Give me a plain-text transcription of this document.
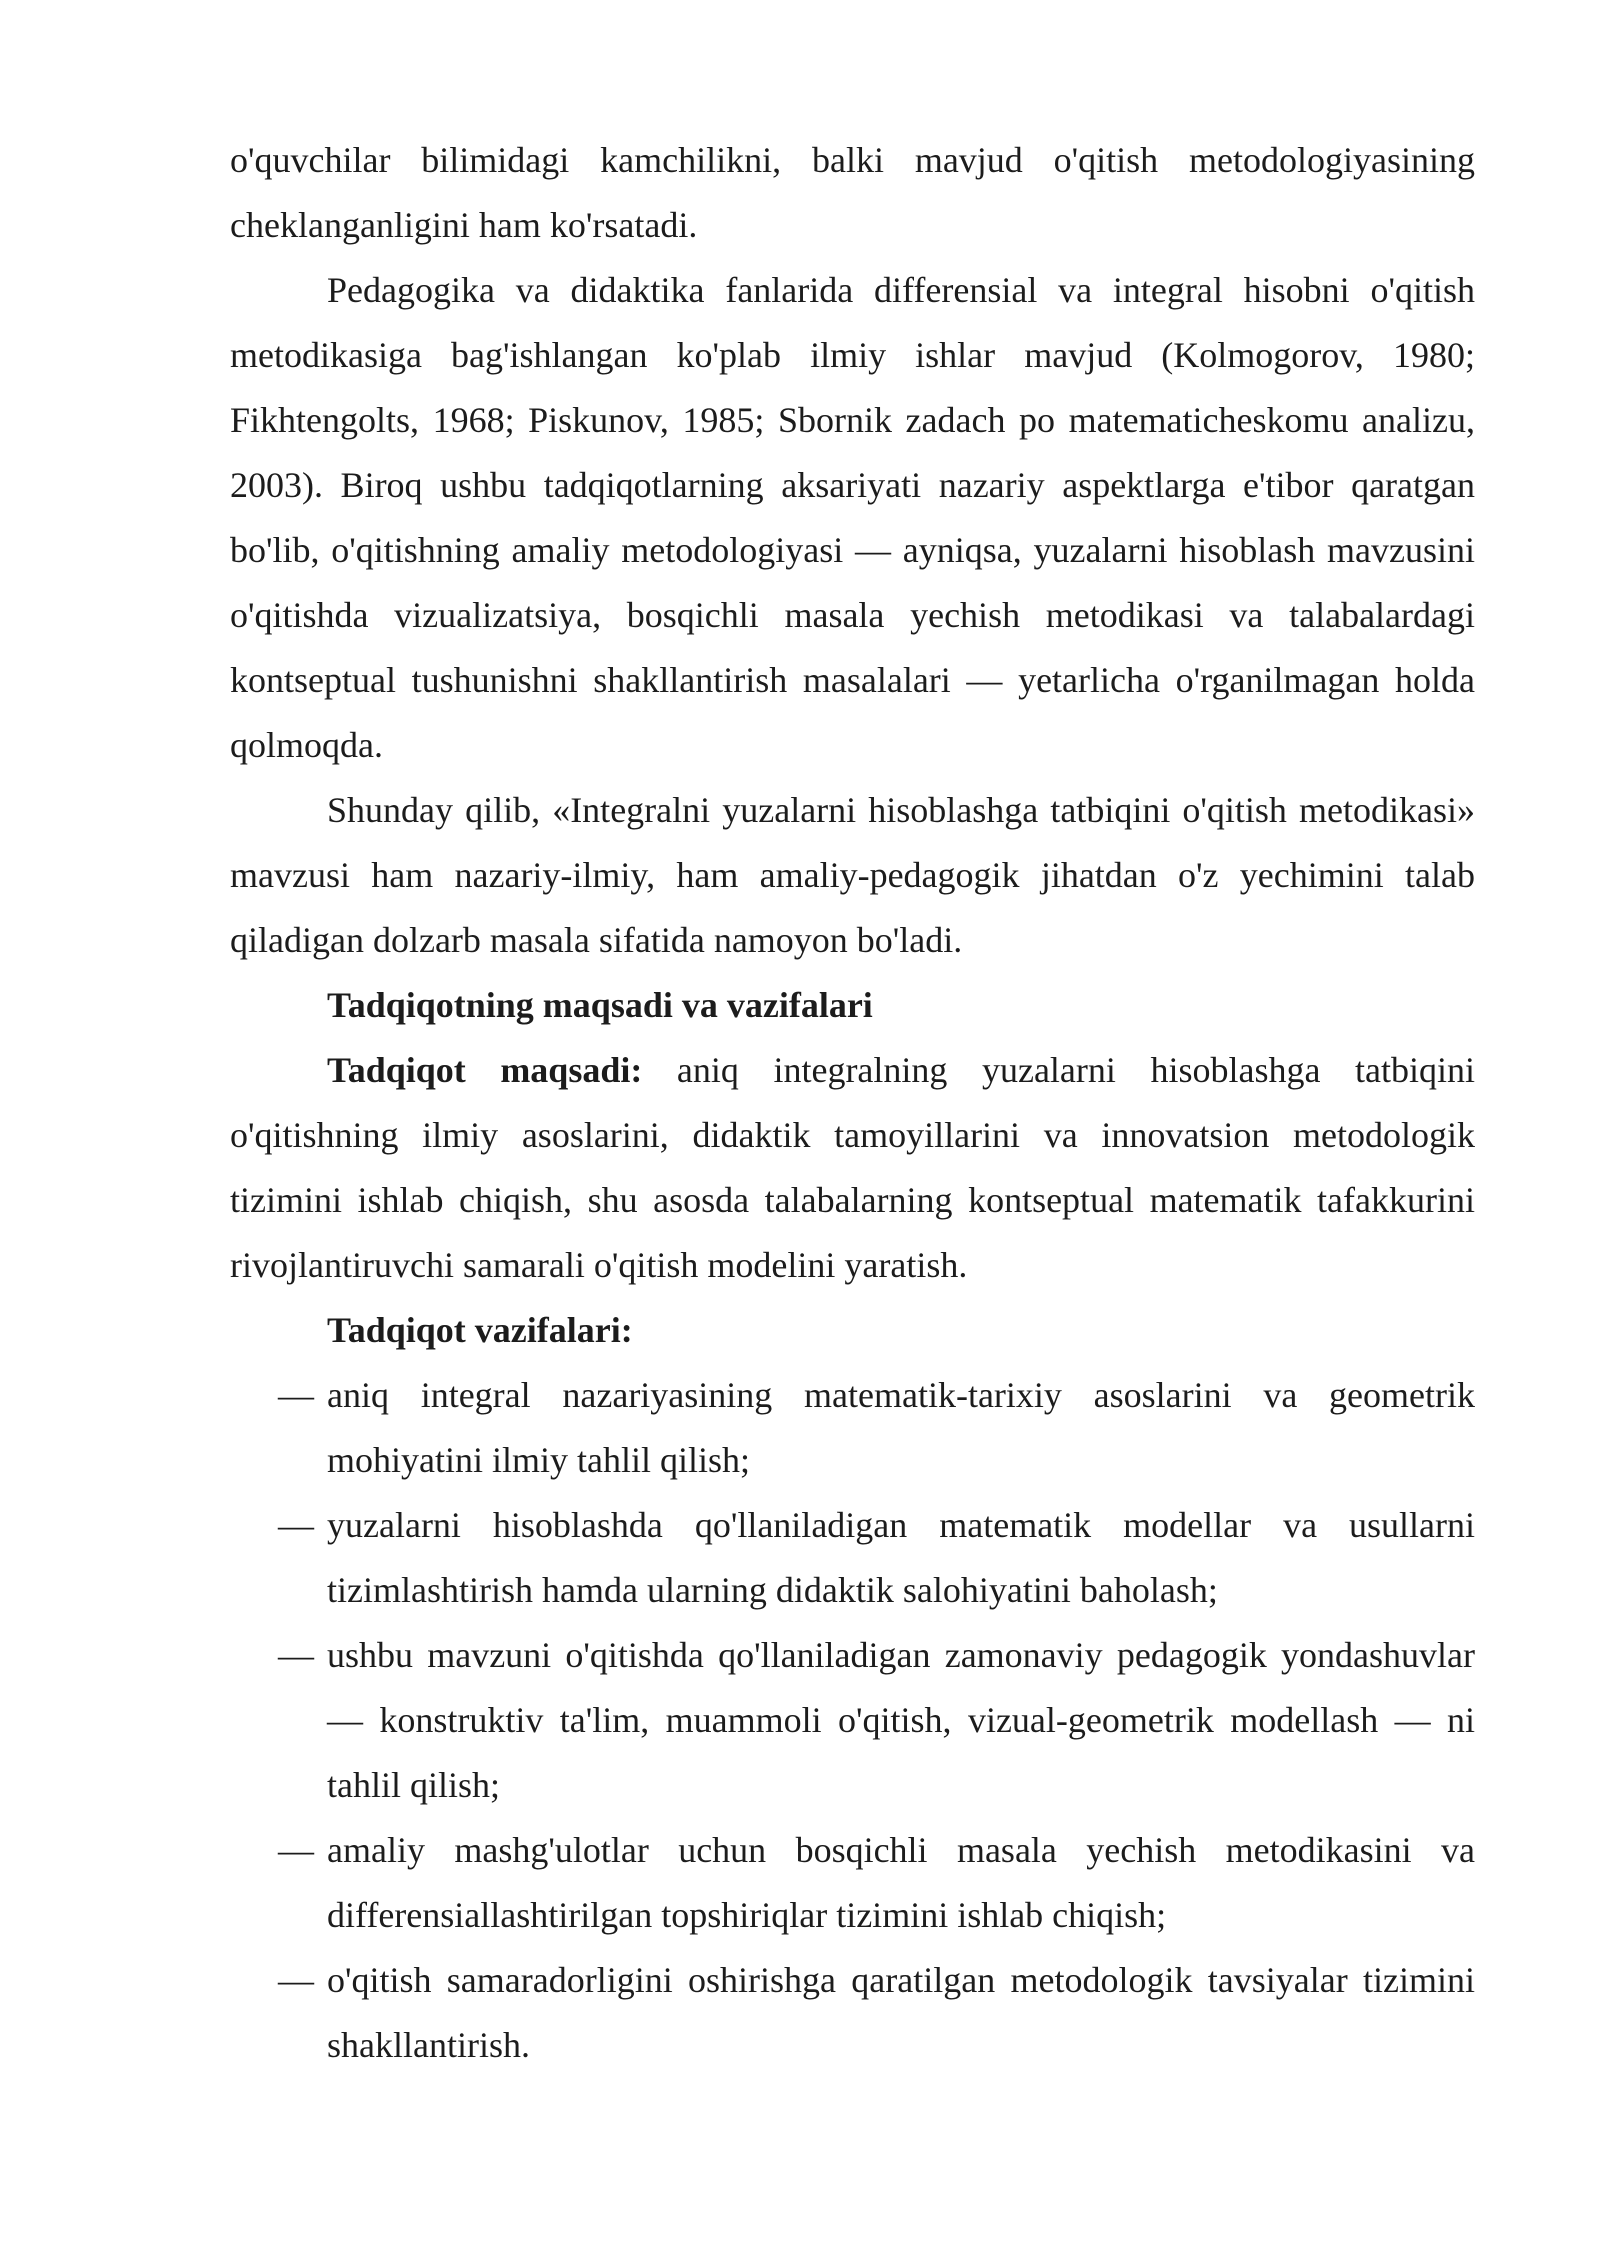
o'quvchilar bilimidagi kamchilikni, balki mavjud o'qitish metodologiyasining cheklanganligini ham ko'rsatadi.

Pedagogika va didaktika fanlarida differensial va integral hisobni o'qitish metodikasiga bag'ishlangan ko'plab ilmiy ishlar mavjud (Kolmogorov, 1980; Fikhtengolts, 1968; Piskunov, 1985; Sbornik zadach po matematicheskomu analizu, 2003). Biroq ushbu tadqiqotlarning aksariyati nazariy aspektlarga e'tibor qaratgan bo'lib, o'qitishning amaliy metodologiyasi — ayniqsa, yuzalarni hisoblash mavzusini o'qitishda vizualizatsiya, bosqichli masala yechish metodikasi va talabalardagi kontseptual tushunishni shakllantirish masalalari — yetarlicha o'rganilmagan holda qolmoqda.

Shunday qilib, «Integralni yuzalarni hisoblashga tatbiqini o'qitish metodikasi» mavzusi ham nazariy-ilmiy, ham amaliy-pedagogik jihatdan o'z yechimini talab qiladigan dolzarb masala sifatida namoyon bo'ladi.

Tadqiqotning maqsadi va vazifalari

Tadqiqot maqsadi: aniq integralning yuzalarni hisoblashga tatbiqini o'qitishning ilmiy asoslarini, didaktik tamoyillarini va innovatsion metodologik tizimini ishlab chiqish, shu asosda talabalarning kontseptual matematik tafakkurini rivojlantiruvchi samarali o'qitish modelini yaratish.

Tadqiqot vazifalari:

— aniq integral nazariyasining matematik-tarixiy asoslarini va geometrik mohiyatini ilmiy tahlil qilish;
— yuzalarni hisoblashda qo'llaniladigan matematik modellar va usullarni tizimlashtirish hamda ularning didaktik salohiyatini baholash;
— ushbu mavzuni o'qitishda qo'llaniladigan zamonaviy pedagogik yondashuvlar — konstruktiv ta'lim, muammoli o'qitish, vizual-geometrik modellash — ni tahlil qilish;
— amaliy mashg'ulotlar uchun bosqichli masala yechish metodikasini va differensiallashtirilgan topshiriqlar tizimini ishlab chiqish;
— o'qitish samaradorligini oshirishga qaratilgan metodologik tavsiyalar tizimini shakllantirish.
